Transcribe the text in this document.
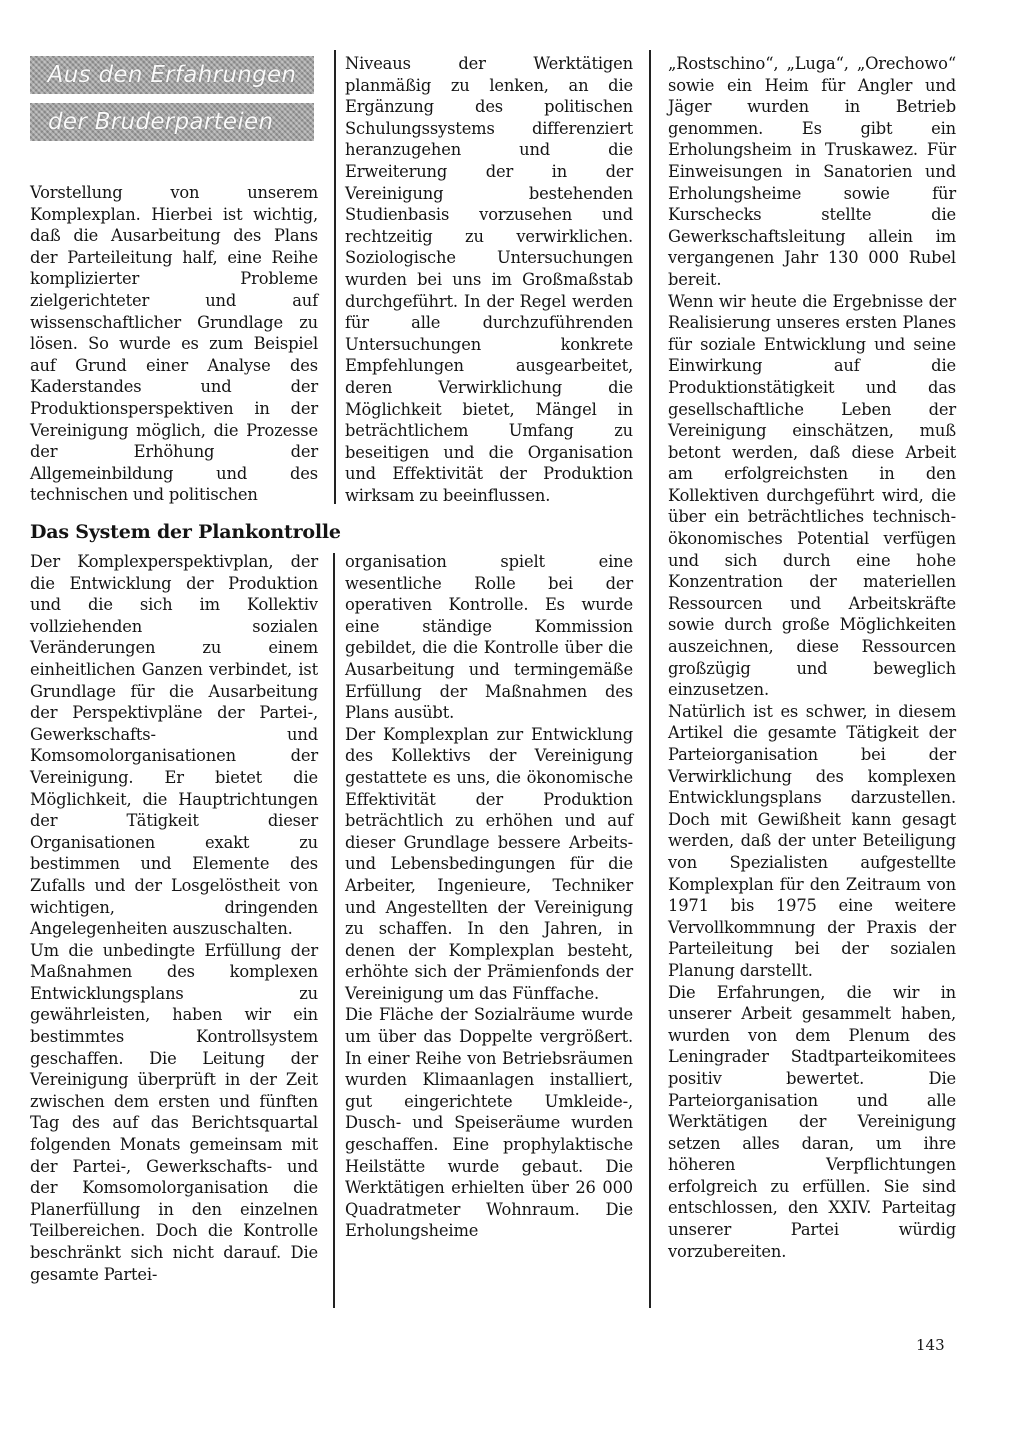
Aus den Erfahrungen
der Bruderparteien

Vorstellung von unserem Komplexplan. Hierbei ist wichtig, daß die Ausarbeitung des Plans der Parteileitung half, eine Reihe komplizierter Probleme zielgerichteter und auf wissenschaftlicher Grundlage zu lösen. So wurde es zum Beispiel auf Grund einer Analyse des Kaderstandes und der Produktionsperspektiven in der Vereinigung möglich, die Prozesse der Erhöhung der Allgemeinbildung und des technischen und politischen

Niveaus der Werktätigen planmäßig zu lenken, an die Ergänzung des politischen Schulungssystems differenziert heranzugehen und die Erweiterung der in der Vereinigung bestehenden Studienbasis vorzusehen und rechtzeitig zu verwirklichen. Soziologische Untersuchungen wurden bei uns im Großmaßstab durchgeführt. In der Regel werden für alle durchzuführenden Untersuchungen konkrete Empfehlungen ausgearbeitet, deren Verwirklichung die Möglichkeit bietet, Mängel in beträchtlichem Umfang zu beseitigen und die Organisation und Effektivität der Produktion wirksam zu beeinflussen.

Das System der Plankontrolle

Der Komplexperspektivplan, der die Entwicklung der Produktion und die sich im Kollektiv vollziehenden sozialen Veränderungen zu einem einheitlichen Ganzen verbindet, ist Grundlage für die Ausarbeitung der Perspektivpläne der Partei-, Gewerkschafts- und Komsomolorganisationen der Vereinigung. Er bietet die Möglichkeit, die Hauptrichtungen der Tätigkeit dieser Organisationen exakt zu bestimmen und Elemente des Zufalls und der Losgelöstheit von wichtigen, dringenden Angelegenheiten auszuschalten.

Um die unbedingte Erfüllung der Maßnahmen des komplexen Entwicklungsplans zu gewährleisten, haben wir ein bestimmtes Kontrollsystem geschaffen. Die Leitung der Vereinigung überprüft in der Zeit zwischen dem ersten und fünften Tag des auf das Berichtsquartal folgenden Monats gemeinsam mit der Partei-, Gewerkschafts- und der Komsomolorganisation die Planerfüllung in den einzelnen Teilbereichen. Doch die Kontrolle beschränkt sich nicht darauf. Die gesamte Partei-

organisation spielt eine wesentliche Rolle bei der operativen Kontrolle. Es wurde eine ständige Kommission gebildet, die die Kontrolle über die Ausarbeitung und termingemäße Erfüllung der Maßnahmen des Plans ausübt.

Der Komplexplan zur Entwicklung des Kollektivs der Vereinigung gestattete es uns, die ökonomische Effektivität der Produktion beträchtlich zu erhöhen und auf dieser Grundlage bessere Arbeits- und Lebensbedingungen für die Arbeiter, Ingenieure, Techniker und Angestellten der Vereinigung zu schaffen. In den Jahren, in denen der Komplexplan besteht, erhöhte sich der Prämienfonds der Vereinigung um das Fünffache.

Die Fläche der Sozialräume wurde um über das Doppelte vergrößert. In einer Reihe von Betriebsräumen wurden Klimaanlagen installiert, gut eingerichtete Umkleide-, Dusch- und Speiseräume wurden geschaffen. Eine prophylaktische Heilstätte wurde gebaut. Die Werktätigen erhielten über 26 000 Quadratmeter Wohnraum. Die Erholungsheime

„Rostschino“, „Luga“, „Orechowo“ sowie ein Heim für Angler und Jäger wurden in Betrieb genommen. Es gibt ein Erholungsheim in Truskawez. Für Einweisungen in Sanatorien und Erholungsheime sowie für Kurschecks stellte die Gewerkschaftsleitung allein im vergangenen Jahr 130 000 Rubel bereit.

Wenn wir heute die Ergebnisse der Realisierung unseres ersten Planes für soziale Entwicklung und seine Einwirkung auf die Produktionstätigkeit und das gesellschaftliche Leben der Vereinigung einschätzen, muß betont werden, daß diese Arbeit am erfolgreichsten in den Kollektiven durchgeführt wird, die über ein beträchtliches technisch-ökonomisches Potential verfügen und sich durch eine hohe Konzentration der materiellen Ressourcen und Arbeitskräfte sowie durch große Möglichkeiten auszeichnen, diese Ressourcen großzügig und beweglich einzusetzen.

Natürlich ist es schwer, in diesem Artikel die gesamte Tätigkeit der Parteiorganisation bei der Verwirklichung des komplexen Entwicklungsplans darzustellen. Doch mit Gewißheit kann gesagt werden, daß der unter Beteiligung von Spezialisten aufgestellte Komplexplan für den Zeitraum von 1971 bis 1975 eine weitere Vervollkommnung der Praxis der Parteileitung bei der sozialen Planung darstellt.

Die Erfahrungen, die wir in unserer Arbeit gesammelt haben, wurden von dem Plenum des Leningrader Stadtparteikomitees positiv bewertet. Die Parteiorganisation und alle Werktätigen der Vereinigung setzen alles daran, um ihre höheren Verpflichtungen erfolgreich zu erfüllen. Sie sind entschlossen, den XXIV. Parteitag unserer Partei würdig vorzubereiten.

143
